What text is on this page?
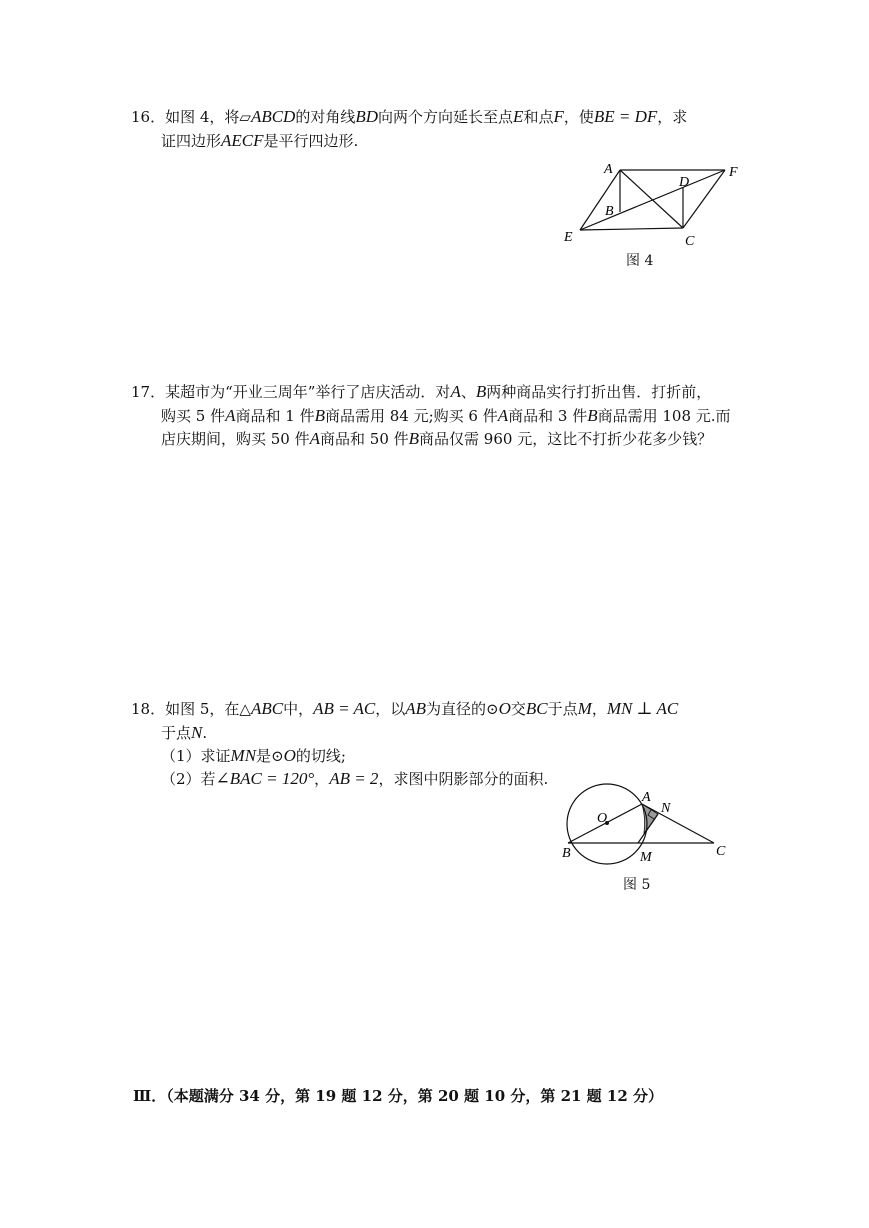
16．如图 4，将▱ABCD的对角线BD向两个方向延长至点E和点F，使BE = DF，求
证四边形AECF是平行四边形.
A
D
F
B
E	C
图 4
17．某超市为“开业三周年”举行了店庆活动．对A、B两种商品实行打折出售．打折前，
购买 5 件A商品和 1 件B商品需用 84 元;购买 6 件A商品和 3 件B商品需用 108 元.而
店庆期间，购买 50 件A商品和 50 件B商品仅需 960 元，这比不打折少花多少钱？
18．如图 5，在△ABC中，AB = AC，以AB为直径的⊙O交BC于点M，MN ⊥ AC
于点N.
（1）求证MN是⊙O的切线;
（2）若∠BAC = 120°，AB = 2，求图中阴影部分的面积.
A
N
O
B	M	C
图 5
Ⅲ．（本题满分 34 分，第 19 题 12 分，第 20 题 10 分，第 21 题 12 分）
